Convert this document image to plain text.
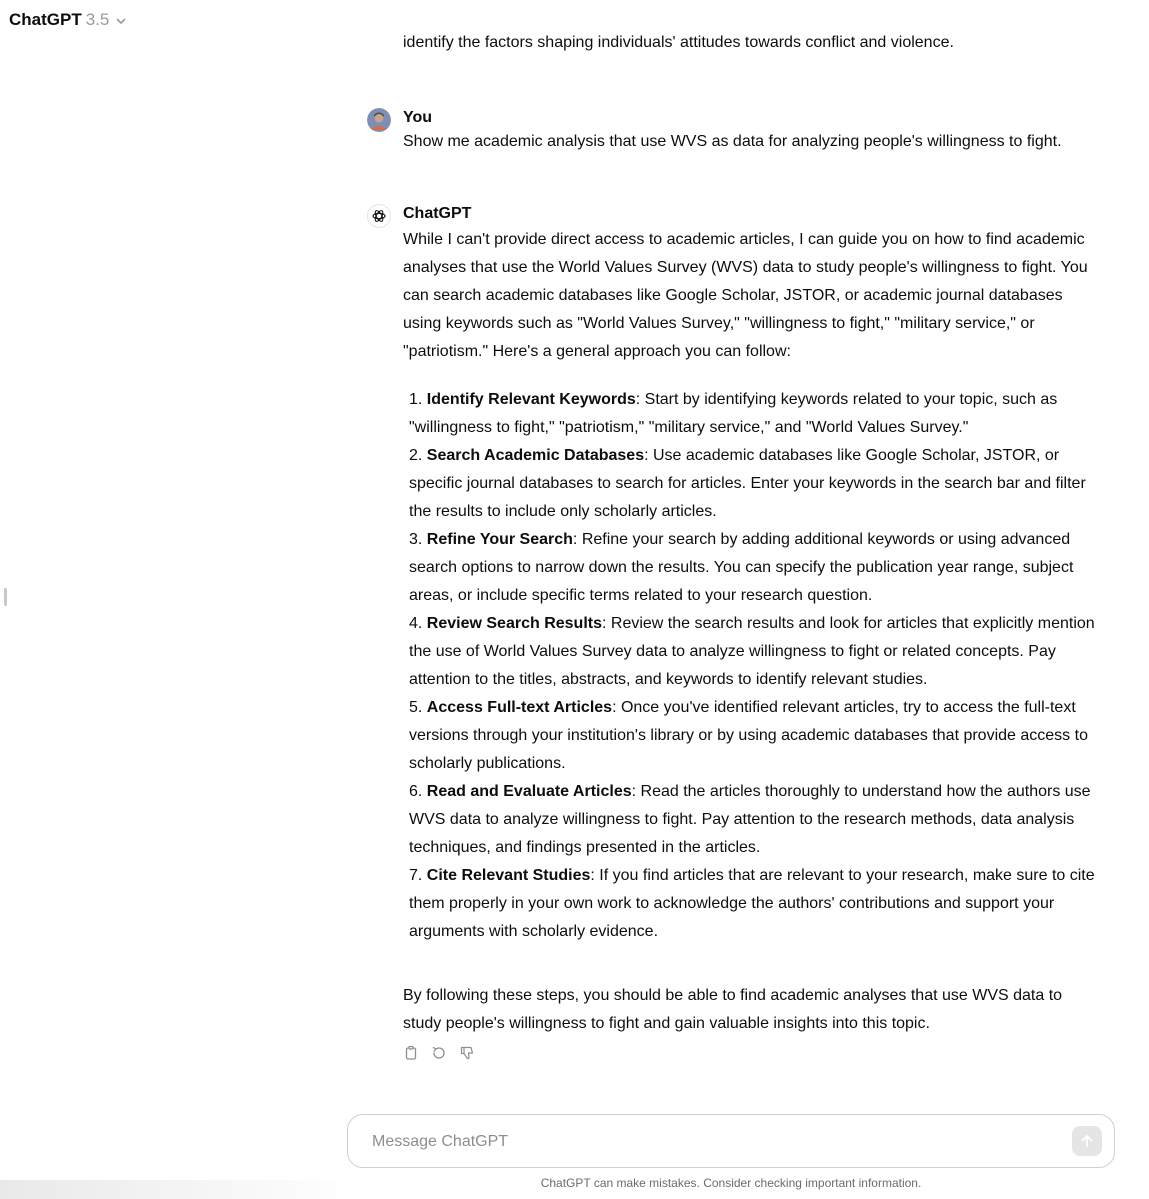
ChatGPT 3.5
identify the factors shaping individuals' attitudes towards conflict and violence.
You
Show me academic analysis that use WVS as data for analyzing people's willingness to fight.
ChatGPT
While I can't provide direct access to academic articles, I can guide you on how to find academic analyses that use the World Values Survey (WVS) data to study people's willingness to fight. You can search academic databases like Google Scholar, JSTOR, or academic journal databases using keywords such as "World Values Survey," "willingness to fight," "military service," or "patriotism." Here's a general approach you can follow:
1. Identify Relevant Keywords: Start by identifying keywords related to your topic, such as "willingness to fight," "patriotism," "military service," and "World Values Survey."
2. Search Academic Databases: Use academic databases like Google Scholar, JSTOR, or specific journal databases to search for articles. Enter your keywords in the search bar and filter the results to include only scholarly articles.
3. Refine Your Search: Refine your search by adding additional keywords or using advanced search options to narrow down the results. You can specify the publication year range, subject areas, or include specific terms related to your research question.
4. Review Search Results: Review the search results and look for articles that explicitly mention the use of World Values Survey data to analyze willingness to fight or related concepts. Pay attention to the titles, abstracts, and keywords to identify relevant studies.
5. Access Full-text Articles: Once you've identified relevant articles, try to access the full-text versions through your institution's library or by using academic databases that provide access to scholarly publications.
6. Read and Evaluate Articles: Read the articles thoroughly to understand how the authors use WVS data to analyze willingness to fight. Pay attention to the research methods, data analysis techniques, and findings presented in the articles.
7. Cite Relevant Studies: If you find articles that are relevant to your research, make sure to cite them properly in your own work to acknowledge the authors' contributions and support your arguments with scholarly evidence.
By following these steps, you should be able to find academic analyses that use WVS data to study people's willingness to fight and gain valuable insights into this topic.
Message ChatGPT
ChatGPT can make mistakes. Consider checking important information.
